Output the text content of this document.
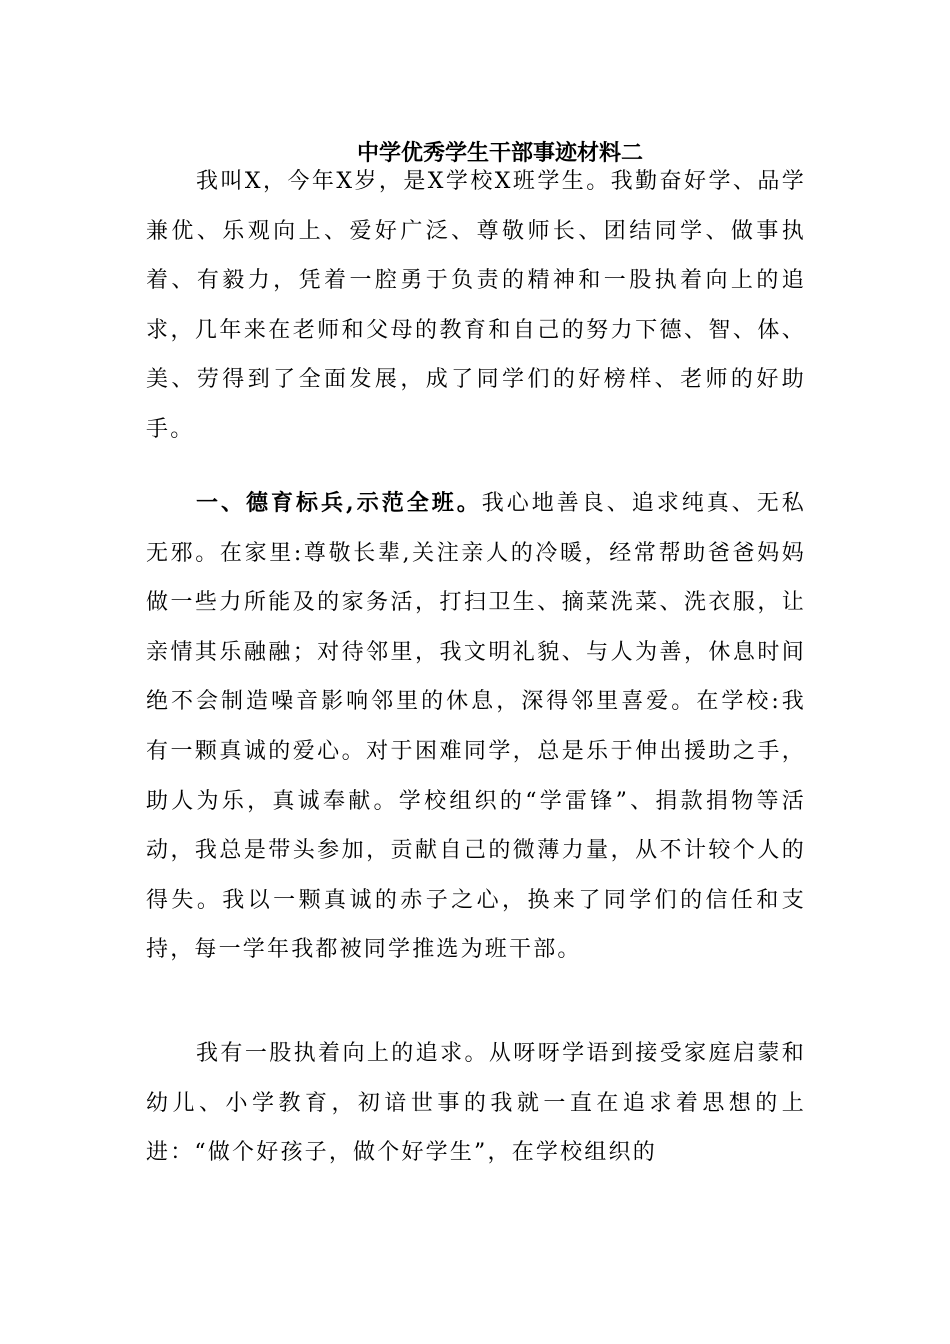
中学优秀学生干部事迹材料二

我叫X，今年X岁，是X学校X班学生。我勤奋好学、品学兼优、乐观向上、爱好广泛、尊敬师长、团结同学、做事执着、有毅力，凭着一腔勇于负责的精神和一股执着向上的追求，几年来在老师和父母的教育和自己的努力下德、智、体、美、劳得到了全面发展，成了同学们的好榜样、老师的好助手。

一、德育标兵,示范全班。我心地善良、追求纯真、无私无邪。在家里:尊敬长辈,关注亲人的冷暖，经常帮助爸爸妈妈做一些力所能及的家务活，打扫卫生、摘菜洗菜、洗衣服，让亲情其乐融融；对待邻里，我文明礼貌、与人为善，休息时间绝不会制造噪音影响邻里的休息，深得邻里喜爱。在学校:我有一颗真诚的爱心。对于困难同学，总是乐于伸出援助之手，助人为乐，真诚奉献。学校组织的“学雷锋”、捐款捐物等活动，我总是带头参加，贡献自己的微薄力量，从不计较个人的得失。我以一颗真诚的赤子之心，换来了同学们的信任和支持，每一学年我都被同学推选为班干部。

我有一股执着向上的追求。从呀呀学语到接受家庭启蒙和幼儿、小学教育，初谙世事的我就一直在追求着思想的上进：“做个好孩子，做个好学生”，在学校组织的
